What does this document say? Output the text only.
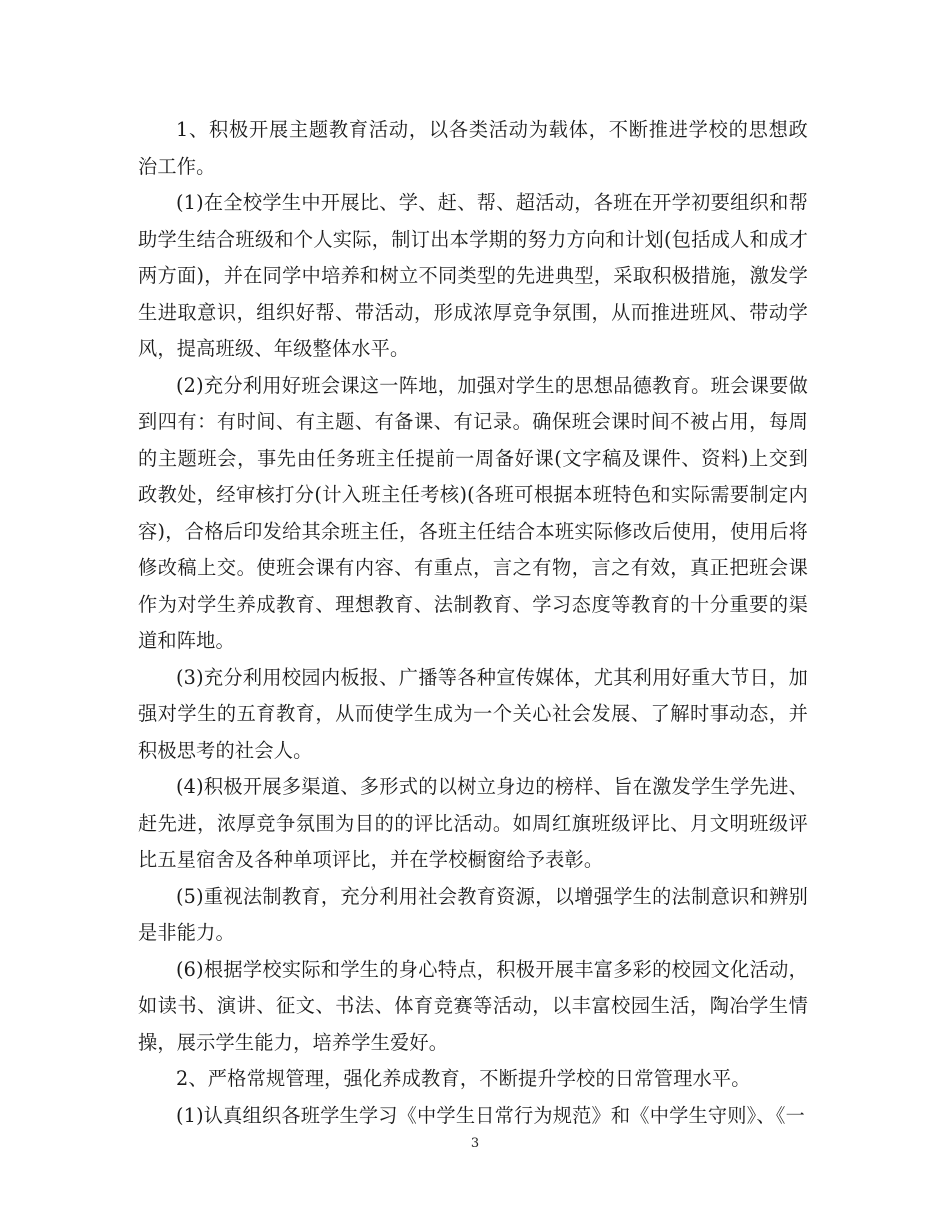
1、积极开展主题教育活动，以各类活动为载体，不断推进学校的思想政治工作。

(1)在全校学生中开展比、学、赶、帮、超活动，各班在开学初要组织和帮助学生结合班级和个人实际，制订出本学期的努力方向和计划(包括成人和成才两方面)，并在同学中培养和树立不同类型的先进典型，采取积极措施，激发学生进取意识，组织好帮、带活动，形成浓厚竞争氛围，从而推进班风、带动学风，提高班级、年级整体水平。

(2)充分利用好班会课这一阵地，加强对学生的思想品德教育。班会课要做到四有：有时间、有主题、有备课、有记录。确保班会课时间不被占用，每周的主题班会，事先由任务班主任提前一周备好课(文字稿及课件、资料)上交到政教处，经审核打分(计入班主任考核)(各班可根据本班特色和实际需要制定内容)，合格后印发给其余班主任，各班主任结合本班实际修改后使用，使用后将修改稿上交。使班会课有内容、有重点，言之有物，言之有效，真正把班会课作为对学生养成教育、理想教育、法制教育、学习态度等教育的十分重要的渠道和阵地。

(3)充分利用校园内板报、广播等各种宣传媒体，尤其利用好重大节日，加强对学生的五育教育，从而使学生成为一个关心社会发展、了解时事动态，并积极思考的社会人。

(4)积极开展多渠道、多形式的以树立身边的榜样、旨在激发学生学先进、赶先进，浓厚竞争氛围为目的的评比活动。如周红旗班级评比、月文明班级评比五星宿舍及各种单项评比，并在学校橱窗给予表彰。

(5)重视法制教育，充分利用社会教育资源，以增强学生的法制意识和辨别是非能力。

(6)根据学校实际和学生的身心特点，积极开展丰富多彩的校园文化活动，如读书、演讲、征文、书法、体育竞赛等活动，以丰富校园生活，陶冶学生情操，展示学生能力，培养学生爱好。

2、严格常规管理，强化养成教育，不断提升学校的日常管理水平。

(1)认真组织各班学生学习《中学生日常行为规范》和《中学生守则》、《一

3
